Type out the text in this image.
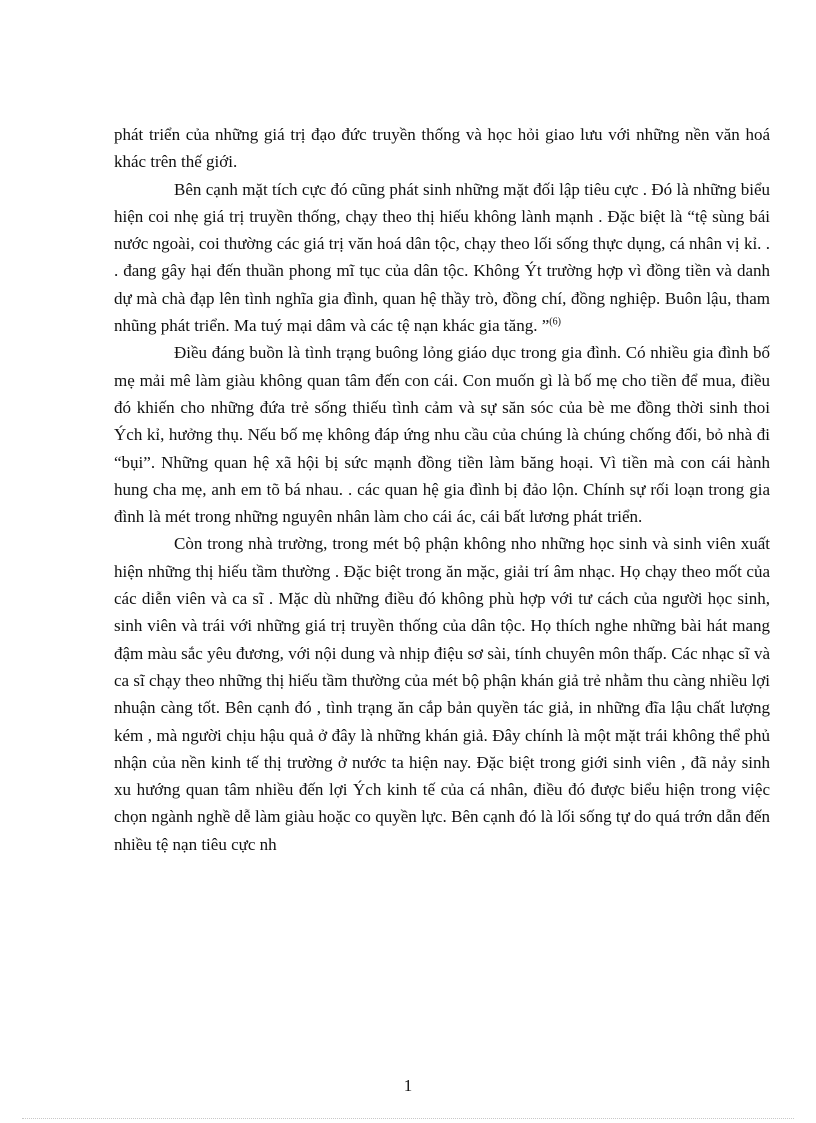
phát triển của những giá trị đạo đức truyền thống và học hỏi giao lưu với những nền văn hoá khác trên thế giới.

Bên cạnh mặt tích cực đó cũng phát sinh những mặt đối lập tiêu cực . Đó là những biểu hiện coi nhẹ giá trị truyền thống, chạy theo thị hiếu không lành mạnh . Đặc biệt là “tệ sùng bái nước ngoài, coi thường các giá trị văn hoá dân tộc, chạy theo lối sống thực dụng, cá nhân vị kỉ. . . đang gây hại đến thuần phong mĩ tục của dân tộc. Không Ýt trường hợp vì đồng tiền và danh dự mà chà đạp lên tình nghĩa gia đình, quan hệ thầy trò, đồng chí, đồng nghiệp. Buôn lậu, tham nhũng phát triển. Ma tuý mại dâm và các tệ nạn khác gia tăng. ”$^{(6)}$

Điều đáng buồn là tình trạng buông lỏng giáo dục trong gia đình. Có nhiều gia đình bố mẹ mải mê làm giàu không quan tâm đến con cái. Con muốn gì là bố mẹ cho tiền để mua, điều đó khiến cho những đứa trẻ sống thiếu tình cảm và sự săn sóc của bè me đồng thời sinh thoi Ých kỉ, hưởng thụ. Nếu bố mẹ không đáp ứng nhu cầu của chúng là chúng chống đối, bỏ nhà đi “bụi”. Những quan hệ xã hội bị sức mạnh đồng tiền làm băng hoại. Vì tiền mà con cái hành hung cha mẹ, anh em tõ bá nhau. . các quan hệ gia đình bị đảo lộn. Chính sự rối loạn trong gia đình là mét trong những nguyên nhân làm cho cái ác, cái bất lương phát triển.

Còn trong nhà trường, trong mét bộ phận không nho những học sinh và sinh viên xuất hiện những thị hiếu tầm thường . Đặc biệt trong ăn mặc, giải trí âm nhạc. Họ chạy theo mốt của các diễn viên và ca sĩ . Mặc dù những điều đó không phù hợp với tư cách của người học sinh, sinh viên và trái với những giá trị truyền thống của dân tộc. Họ thích nghe những bài hát mang đậm màu sắc yêu đương, với nội dung và nhịp điệu sơ sài, tính chuyên môn thấp. Các nhạc sĩ và ca sĩ chạy theo những thị hiếu tầm thường của mét bộ phận khán giả trẻ nhằm thu càng nhiều lợi nhuận càng tốt. Bên cạnh đó , tình trạng ăn cắp bản quyền tác giả, in những đĩa lậu chất lượng kém , mà người chịu hậu quả ở đây là những khán giả. Đây chính là một mặt trái không thể phủ nhận của nền kinh tế thị trường ở nước ta hiện nay. Đặc biệt trong giới sinh viên , đã nảy sinh xu hướng quan tâm nhiều đến lợi Ých kinh tế của cá nhân, điều đó được biểu hiện trong việc chọn ngành nghề dễ làm giàu hoặc co quyền lực. Bên cạnh đó là lối sống tự do quá trớn dẫn đến nhiều tệ nạn tiêu cực nh

1
